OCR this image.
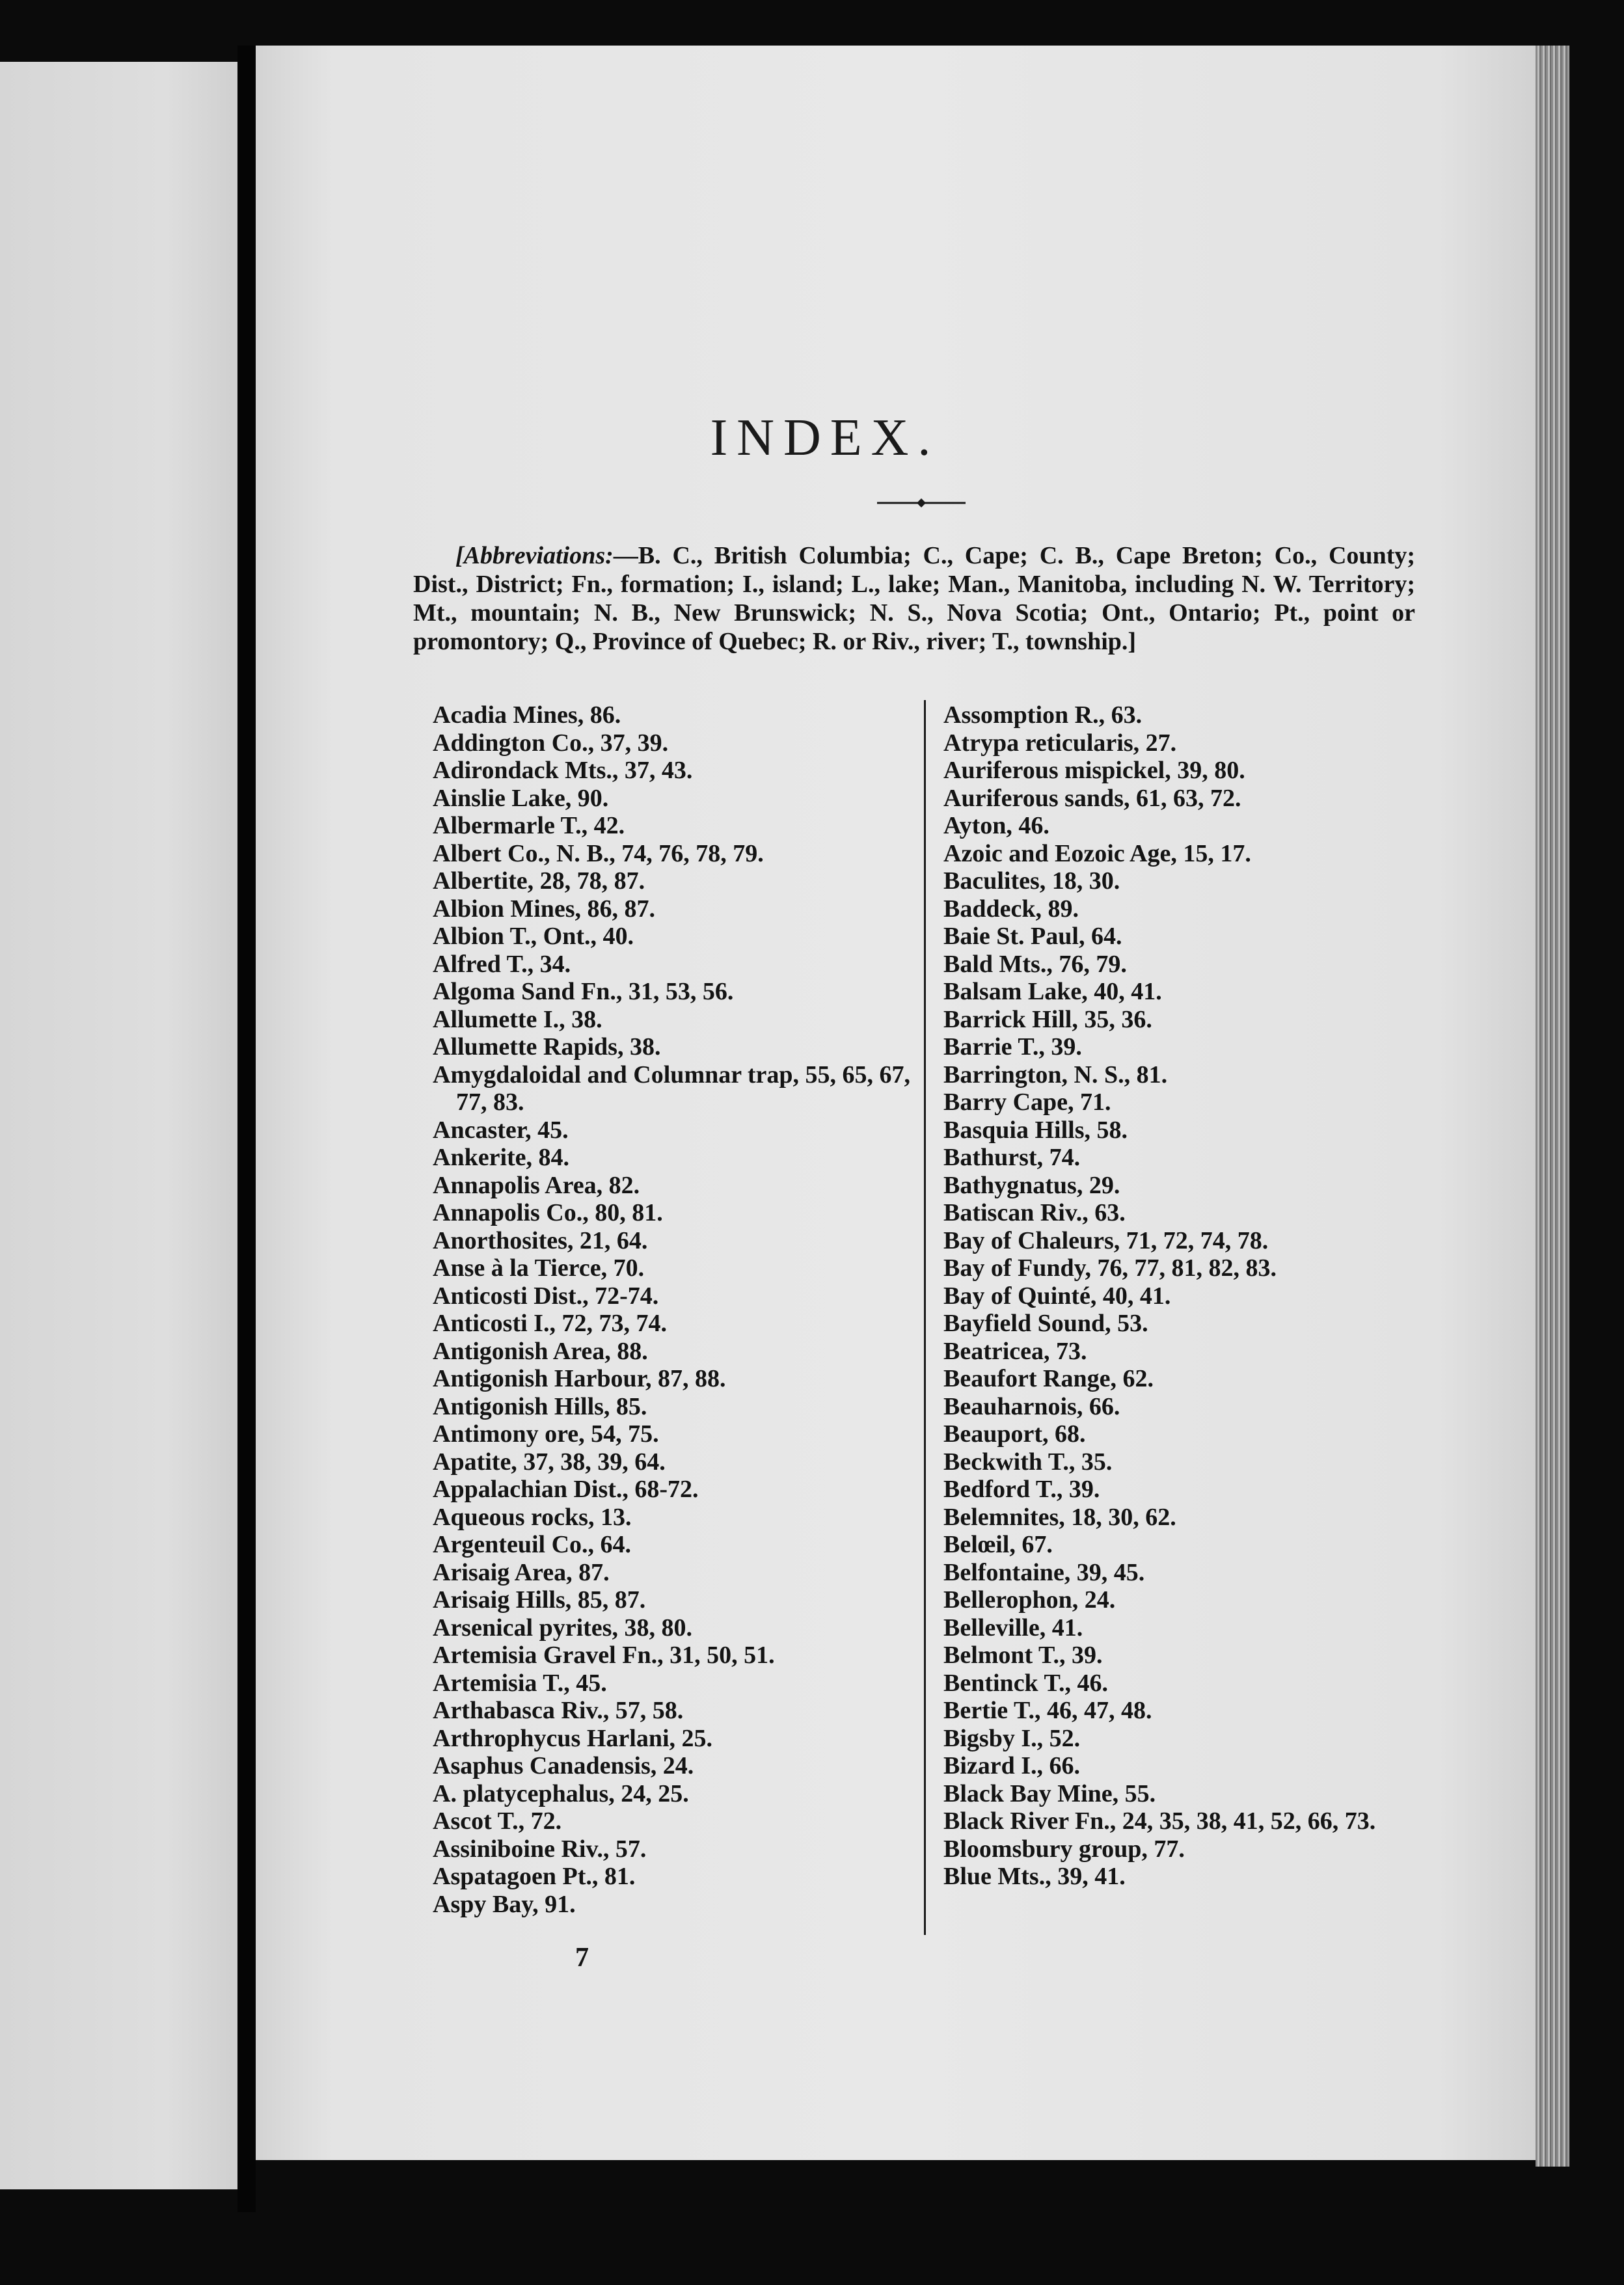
INDEX.

[Abbreviations:—B. C., British Columbia; C., Cape; C. B., Cape Breton; Co., County; Dist., District; Fn., formation; I., island; L., lake; Man., Manitoba, including N. W. Territory; Mt., mountain; N. B., New Brunswick; N. S., Nova Scotia; Ont., Ontario; Pt., point or promontory; Q., Province of Quebec; R. or Riv., river; T., township.]

Acadia Mines, 86.
Addington Co., 37, 39.
Adirondack Mts., 37, 43.
Ainslie Lake, 90.
Albermarle T., 42.
Albert Co., N. B., 74, 76, 78, 79.
Albertite, 28, 78, 87.
Albion Mines, 86, 87.
Albion T., Ont., 40.
Alfred T., 34.
Algoma Sand Fn., 31, 53, 56.
Allumette I., 38.
Allumette Rapids, 38.
Amygdaloidal and Columnar trap, 55, 65, 67, 77, 83.
Ancaster, 45.
Ankerite, 84.
Annapolis Area, 82.
Annapolis Co., 80, 81.
Anorthosites, 21, 64.
Anse à la Tierce, 70.
Anticosti Dist., 72-74.
Anticosti I., 72, 73, 74.
Antigonish Area, 88.
Antigonish Harbour, 87, 88.
Antigonish Hills, 85.
Antimony ore, 54, 75.
Apatite, 37, 38, 39, 64.
Appalachian Dist., 68-72.
Aqueous rocks, 13.
Argenteuil Co., 64.
Arisaig Area, 87.
Arisaig Hills, 85, 87.
Arsenical pyrites, 38, 80.
Artemisia Gravel Fn., 31, 50, 51.
Artemisia T., 45.
Arthabasca Riv., 57, 58.
Arthrophycus Harlani, 25.
Asaphus Canadensis, 24.
A. platycephalus, 24, 25.
Ascot T., 72.
Assiniboine Riv., 57.
Aspatagoen Pt., 81.
Aspy Bay, 91.
Assomption R., 63.
Atrypa reticularis, 27.
Auriferous mispickel, 39, 80.
Auriferous sands, 61, 63, 72.
Ayton, 46.
Azoic and Eozoic Age, 15, 17.
Baculites, 18, 30.
Baddeck, 89.
Baie St. Paul, 64.
Bald Mts., 76, 79.
Balsam Lake, 40, 41.
Barrick Hill, 35, 36.
Barrie T., 39.
Barrington, N. S., 81.
Barry Cape, 71.
Basquia Hills, 58.
Bathurst, 74.
Bathygnatus, 29.
Batiscan Riv., 63.
Bay of Chaleurs, 71, 72, 74, 78.
Bay of Fundy, 76, 77, 81, 82, 83.
Bay of Quinté, 40, 41.
Bayfield Sound, 53.
Beatricea, 73.
Beaufort Range, 62.
Beauharnois, 66.
Beauport, 68.
Beckwith T., 35.
Bedford T., 39.
Belemnites, 18, 30, 62.
Belœil, 67.
Belfontaine, 39, 45.
Bellerophon, 24.
Belleville, 41.
Belmont T., 39.
Bentinck T., 46.
Bertie T., 46, 47, 48.
Bigsby I., 52.
Bizard I., 66.
Black Bay Mine, 55.
Black River Fn., 24, 35, 38, 41, 52, 66, 73.
Bloomsbury group, 77.
Blue Mts., 39, 41.
7
